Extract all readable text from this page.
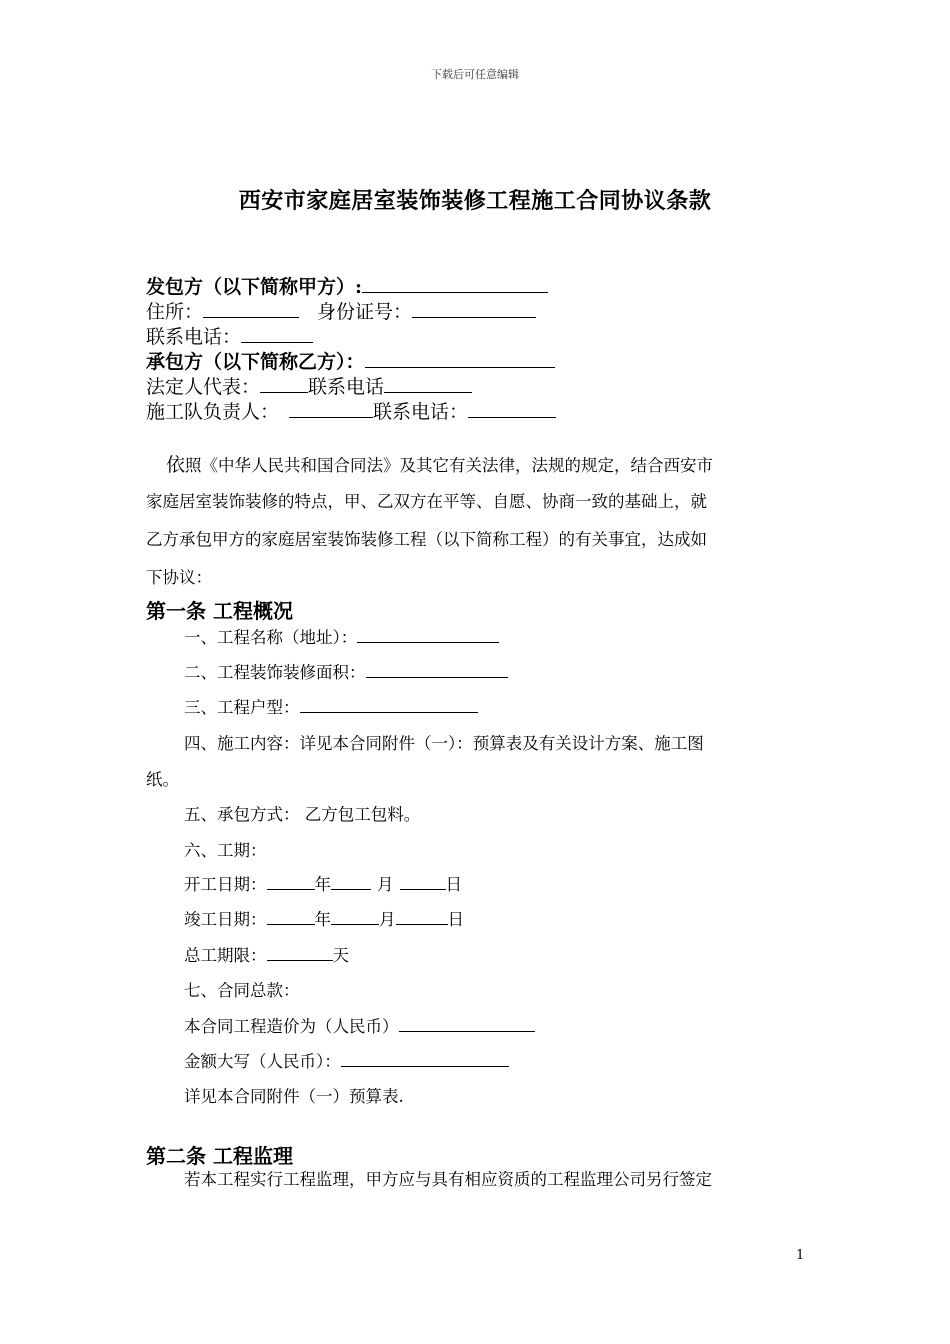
下载后可任意编辑
西安市家庭居室装饰装修工程施工合同协议条款
发包方（以下简称甲方）:
住所：	身份证号：
联系电话：
承包方（以下简称乙方）：
法定人代表：	联系电话
施工队负责人：	联系电话：
依照《中华人民共和国合同法》及其它有关法律，法规的规定，结合西安市
家庭居室装饰装修的特点，甲、乙双方在平等、自愿、协商一致的基础上，就
乙方承包甲方的家庭居室装饰装修工程（以下简称工程）的有关事宜，达成如
下协议：
第一条 工程概况
一、工程名称（地址）：
二、工程装饰装修面积：
三、工程户型：
四、施工内容：详见本合同附件（一）：预算表及有关设计方案、施工图
纸。
五、承包方式： 乙方包工包料。
六、工期：
开工日期：	年	月	日
竣工日期：	年	月	日
总工期限：	天
七、合同总款：
本合同工程造价为（人民币）
金额大写（人民币）：
详见本合同附件（一）预算表.
第二条 工程监理
若本工程实行工程监理，甲方应与具有相应资质的工程监理公司另行签定
1
